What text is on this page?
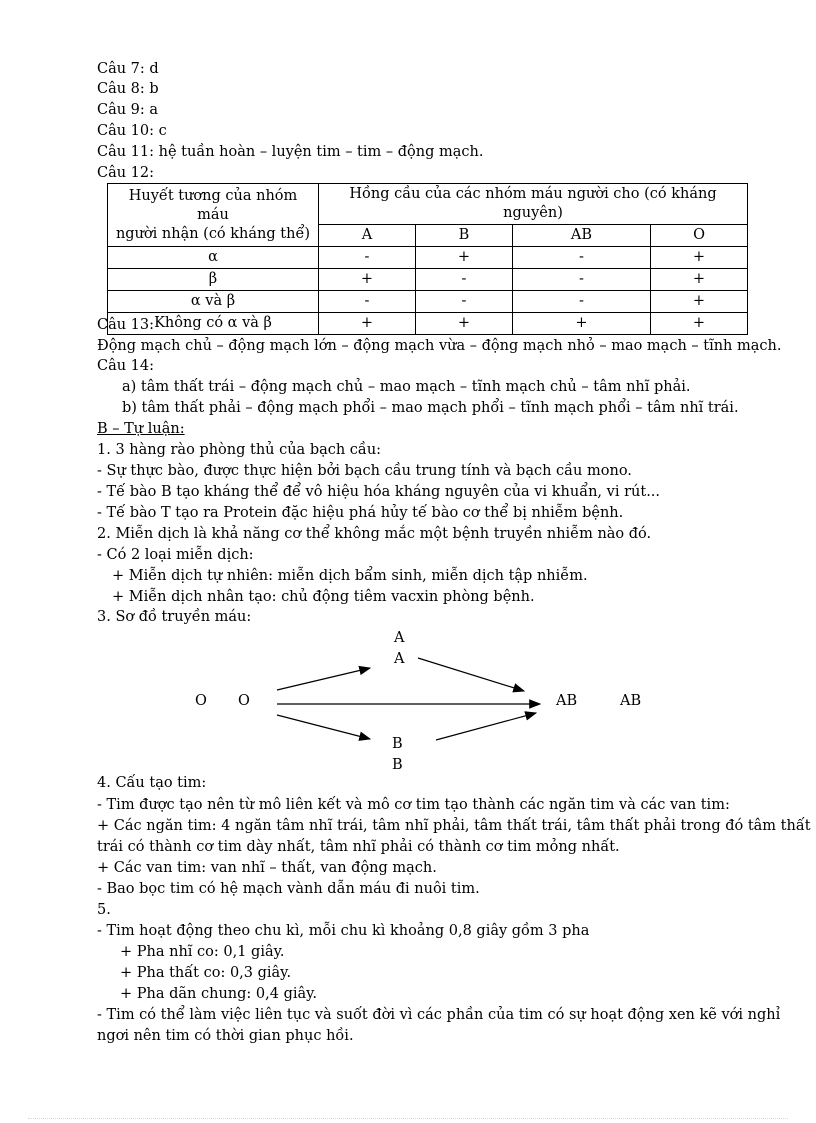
Câu 7: d
Câu 8: b
Câu 9: a
Câu 10: c
Câu 11: hệ tuần hoàn – luyện tim – tim – động mạch.
Câu 12:
Huyết tương của nhóm máu
người nhận (có kháng thể)	Hồng cầu của các nhóm máu người cho (có kháng nguyên)			
	A	B	AB	O
α	-	+	-	+
β	+	-	-	+
α và β	-	-	-	+
Không có α và β	+	+	+	+
Câu 13:
Động mạch chủ – động mạch lớn – động mạch vừa – động mạch nhỏ – mao mạch – tĩnh mạch.
Câu 14:
a) tâm thất trái – động mạch chủ – mao mạch – tĩnh mạch chủ – tâm nhĩ phải.
b) tâm thất phải – động mạch phổi – mao mạch phổi – tĩnh mạch phổi – tâm nhĩ trái.
B – Tự luận:
1. 3 hàng rào phòng thủ của bạch cầu:
- Sự thực bào, được thực hiện bởi bạch cầu trung tính và bạch cầu mono.
- Tế bào B tạo kháng thể để vô hiệu hóa kháng nguyên của vi khuẩn, vi rút...
- Tế bào T tạo ra Protein đặc hiệu phá hủy tế bào cơ thể bị nhiễm bệnh.
2. Miễn dịch là khả năng cơ thể không mắc một bệnh truyền nhiễm nào đó.
- Có 2 loại miễn dịch:
+ Miễn dịch tự nhiên: miễn dịch bẩm sinh, miễn dịch tập nhiễm.
+ Miễn dịch nhân tạo: chủ động tiêm vacxin phòng bệnh.
3. Sơ đồ truyền máu:
A
A
O O	AB	AB
B
B
4. Cấu tạo tim:
- Tim được tạo nên từ mô liên kết và mô cơ tim tạo thành các ngăn tim và các van tim:
+ Các ngăn tim: 4 ngăn tâm nhĩ trái, tâm nhĩ phải, tâm thất trái, tâm thất phải trong đó tâm thất
trái có thành cơ tim dày nhất, tâm nhĩ phải có thành cơ tim mỏng nhất.
+ Các van tim: van nhĩ – thất, van động mạch.
- Bao bọc tim có hệ mạch vành dẫn máu đi nuôi tim.
5.
- Tim hoạt động theo chu kì, mỗi chu kì khoảng 0,8 giây gồm 3 pha
+ Pha nhĩ co: 0,1 giây.
+ Pha thất co: 0,3 giây.
+ Pha dãn chung: 0,4 giây.
- Tim có thể làm việc liên tục và suốt đời vì các phần của tim có sự hoạt động xen kẽ với nghỉ
ngơi nên tim có thời gian phục hồi.
